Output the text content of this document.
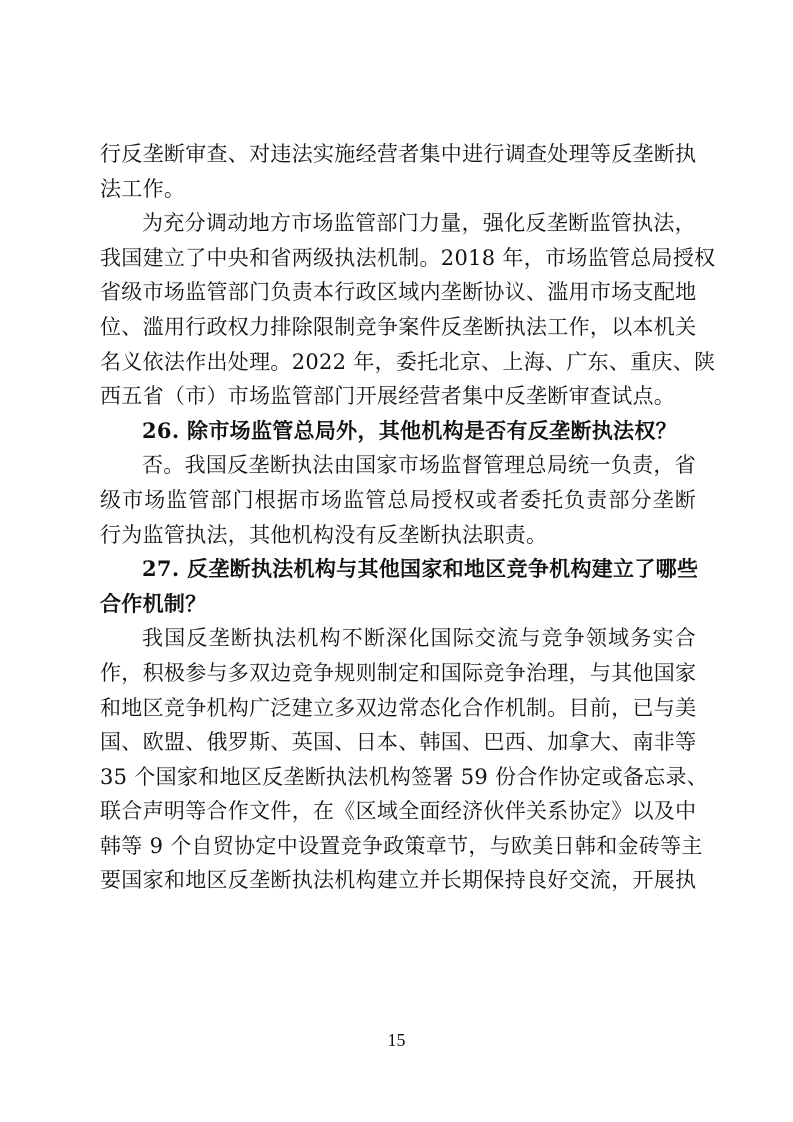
行反垄断审查、对违法实施经营者集中进行调查处理等反垄断执
法工作。
为充分调动地方市场监管部门力量，强化反垄断监管执法，
我国建立了中央和省两级执法机制。2018 年，市场监管总局授权
省级市场监管部门负责本行政区域内垄断协议、滥用市场支配地
位、滥用行政权力排除限制竞争案件反垄断执法工作，以本机关
名义依法作出处理。2022 年，委托北京、上海、广东、重庆、陕
西五省（市）市场监管部门开展经营者集中反垄断审查试点。
26. 除市场监管总局外，其他机构是否有反垄断执法权？
否。我国反垄断执法由国家市场监督管理总局统一负责，省
级市场监管部门根据市场监管总局授权或者委托负责部分垄断
行为监管执法，其他机构没有反垄断执法职责。
27. 反垄断执法机构与其他国家和地区竞争机构建立了哪些
合作机制？
我国反垄断执法机构不断深化国际交流与竞争领域务实合
作，积极参与多双边竞争规则制定和国际竞争治理，与其他国家
和地区竞争机构广泛建立多双边常态化合作机制。目前，已与美
国、欧盟、俄罗斯、英国、日本、韩国、巴西、加拿大、南非等
35 个国家和地区反垄断执法机构签署 59 份合作协定或备忘录、
联合声明等合作文件，在《区域全面经济伙伴关系协定》以及中
韩等 9 个自贸协定中设置竞争政策章节，与欧美日韩和金砖等主
要国家和地区反垄断执法机构建立并长期保持良好交流，开展执
15
